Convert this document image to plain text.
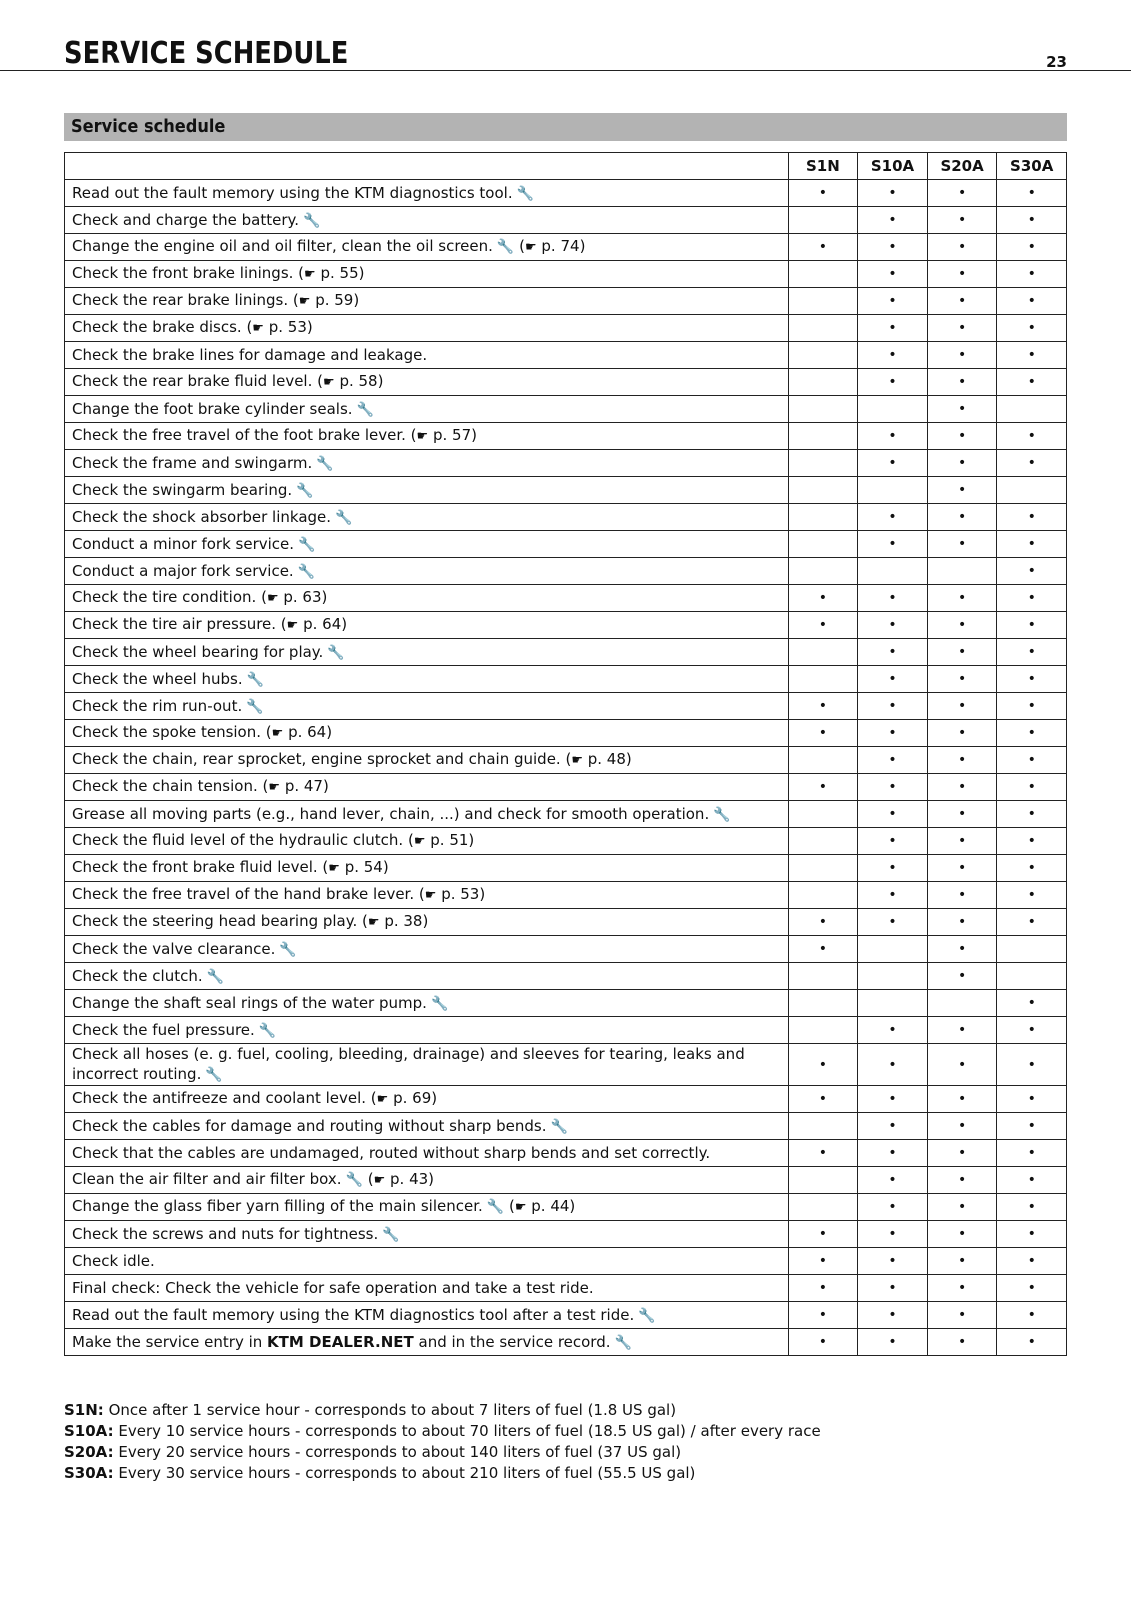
SERVICE SCHEDULE	23
Service schedule
	S1N	S10A	S20A	S30A
Read out the fault memory using the KTM diagnostics tool. 🔧	•	•	•	•
Check and charge the battery. 🔧		•	•	•
Change the engine oil and oil filter, clean the oil screen. 🔧 (☛ p. 74)	•	•	•	•
Check the front brake linings. (☛ p. 55)		•	•	•
Check the rear brake linings. (☛ p. 59)		•	•	•
Check the brake discs. (☛ p. 53)		•	•	•
Check the brake lines for damage and leakage.		•	•	•
Check the rear brake fluid level. (☛ p. 58)		•	•	•
Change the foot brake cylinder seals. 🔧			•	
Check the free travel of the foot brake lever. (☛ p. 57)		•	•	•
Check the frame and swingarm. 🔧		•	•	•
Check the swingarm bearing. 🔧			•	
Check the shock absorber linkage. 🔧		•	•	•
Conduct a minor fork service. 🔧		•	•	•
Conduct a major fork service. 🔧				•
Check the tire condition. (☛ p. 63)	•	•	•	•
Check the tire air pressure. (☛ p. 64)	•	•	•	•
Check the wheel bearing for play. 🔧		•	•	•
Check the wheel hubs. 🔧		•	•	•
Check the rim run-out. 🔧	•	•	•	•
Check the spoke tension. (☛ p. 64)	•	•	•	•
Check the chain, rear sprocket, engine sprocket and chain guide. (☛ p. 48)		•	•	•
Check the chain tension. (☛ p. 47)	•	•	•	•
Grease all moving parts (e.g., hand lever, chain, ...) and check for smooth operation. 🔧		•	•	•
Check the fluid level of the hydraulic clutch. (☛ p. 51)		•	•	•
Check the front brake fluid level. (☛ p. 54)		•	•	•
Check the free travel of the hand brake lever. (☛ p. 53)		•	•	•
Check the steering head bearing play. (☛ p. 38)	•	•	•	•
Check the valve clearance. 🔧	•		•	
Check the clutch. 🔧			•	
Change the shaft seal rings of the water pump. 🔧				•
Check the fuel pressure. 🔧		•	•	•
Check all hoses (e. g. fuel, cooling, bleeding, drainage) and sleeves for tearing, leaks and incorrect routing. 🔧	•	•	•	•
Check the antifreeze and coolant level. (☛ p. 69)	•	•	•	•
Check the cables for damage and routing without sharp bends. 🔧		•	•	•
Check that the cables are undamaged, routed without sharp bends and set correctly.	•	•	•	•
Clean the air filter and air filter box. 🔧 (☛ p. 43)		•	•	•
Change the glass fiber yarn filling of the main silencer. 🔧 (☛ p. 44)		•	•	•
Check the screws and nuts for tightness. 🔧	•	•	•	•
Check idle.	•	•	•	•
Final check: Check the vehicle for safe operation and take a test ride.	•	•	•	•
Read out the fault memory using the KTM diagnostics tool after a test ride. 🔧	•	•	•	•
Make the service entry in KTM DEALER.NET and in the service record. 🔧	•	•	•	•
S1N: Once after 1 service hour - corresponds to about 7 liters of fuel (1.8 US gal)
S10A: Every 10 service hours - corresponds to about 70 liters of fuel (18.5 US gal) / after every race
S20A: Every 20 service hours - corresponds to about 140 liters of fuel (37 US gal)
S30A: Every 30 service hours - corresponds to about 210 liters of fuel (55.5 US gal)
